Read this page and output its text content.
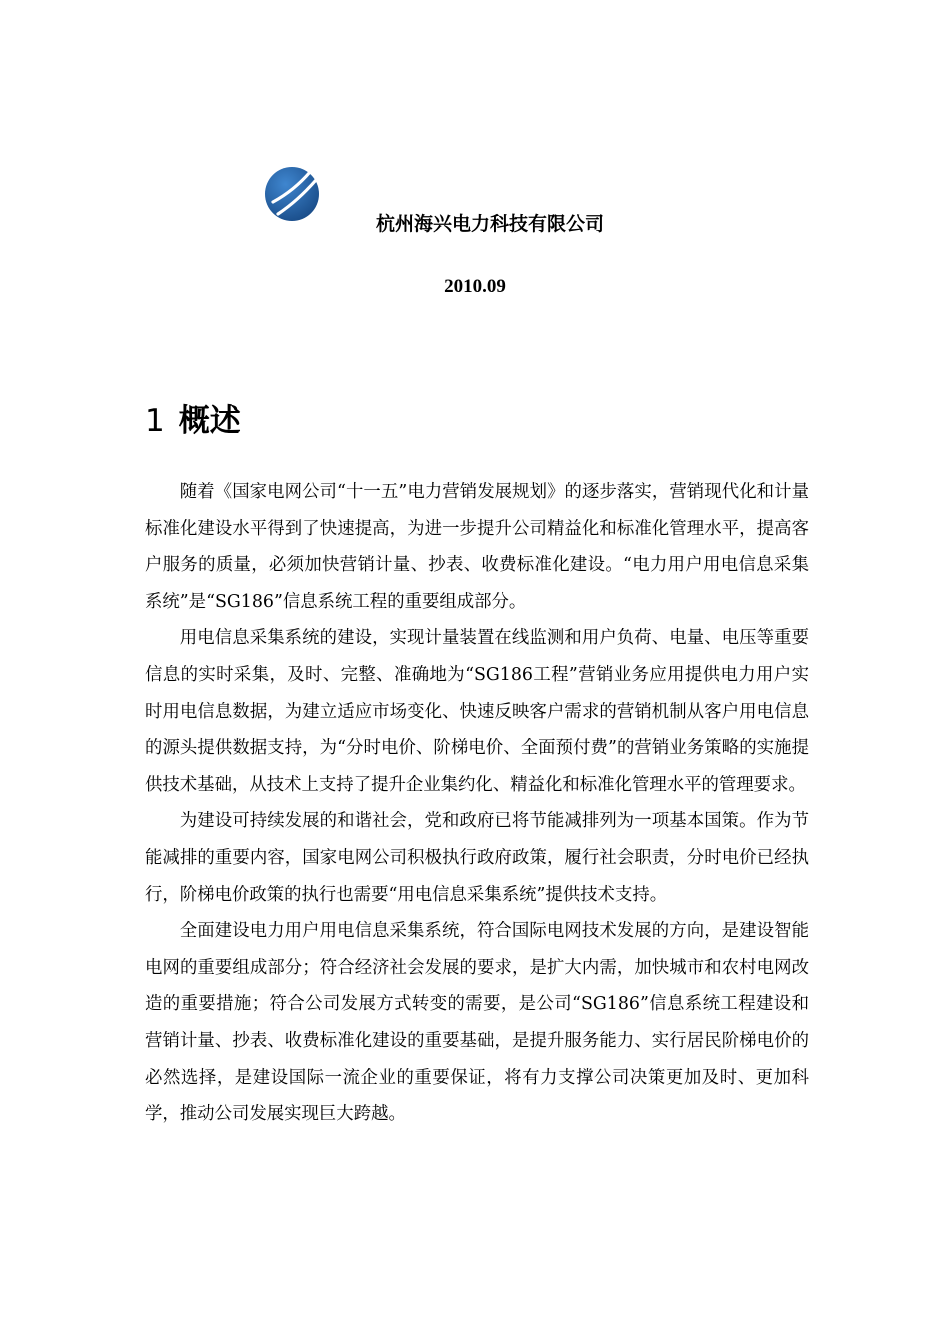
杭州海兴电力科技有限公司
2010.09
1 概述

随着《国家电网公司“十一五”电力营销发展规划》的逐步落实，营销现代化和计量标准化建设水平得到了快速提高，为进一步提升公司精益化和标准化管理水平，提高客户服务的质量，必须加快营销计量、抄表、收费标准化建设。“电力用户用电信息采集系统”是“SG186”信息系统工程的重要组成部分。

用电信息采集系统的建设，实现计量装置在线监测和用户负荷、电量、电压等重要信息的实时采集，及时、完整、准确地为“SG186工程”营销业务应用提供电力用户实时用电信息数据，为建立适应市场变化、快速反映客户需求的营销机制从客户用电信息的源头提供数据支持，为“分时电价、阶梯电价、全面预付费”的营销业务策略的实施提供技术基础，从技术上支持了提升企业集约化、精益化和标准化管理水平的管理要求。

为建设可持续发展的和谐社会，党和政府已将节能减排列为一项基本国策。作为节能减排的重要内容，国家电网公司积极执行政府政策，履行社会职责，分时电价已经执行，阶梯电价政策的执行也需要“用电信息采集系统”提供技术支持。

全面建设电力用户用电信息采集系统，符合国际电网技术发展的方向，是建设智能电网的重要组成部分；符合经济社会发展的要求，是扩大内需，加快城市和农村电网改造的重要措施；符合公司发展方式转变的需要，是公司“SG186”信息系统工程建设和营销计量、抄表、收费标准化建设的重要基础，是提升服务能力、实行居民阶梯电价的必然选择，是建设国际一流企业的重要保证，将有力支撑公司决策更加及时、更加科学，推动公司发展实现巨大跨越。
